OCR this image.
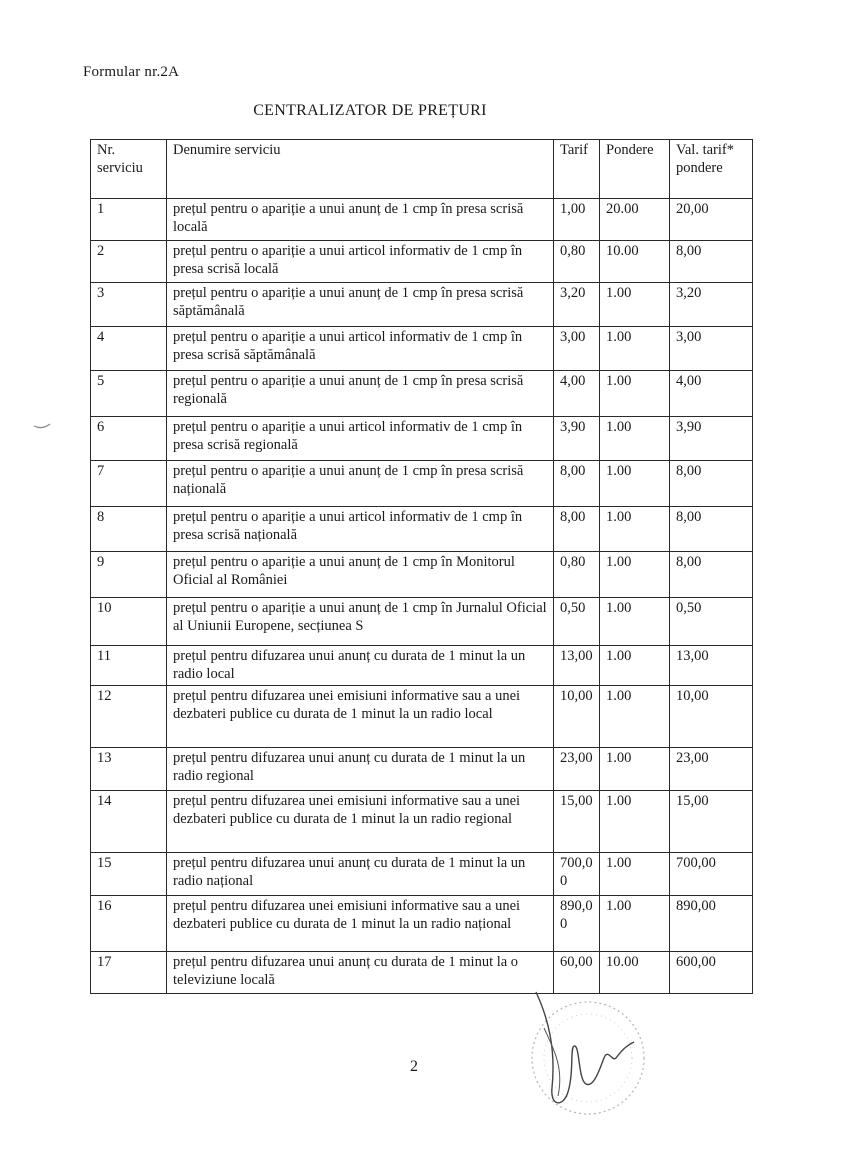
Formular nr.2A
CENTRALIZATOR DE PREȚURI
Nr. serviciu	Denumire serviciu	Tarif	Pondere	Val. tarif* pondere
1	prețul pentru o apariție a unui anunț de 1 cmp în presa scrisă locală	1,00	20.00	20,00
2	prețul pentru o apariție a unui articol informativ de 1 cmp în presa scrisă locală	0,80	10.00	8,00
3	prețul pentru o apariție a unui anunț de 1 cmp în presa scrisă săptămânală	3,20	1.00	3,20
4	prețul pentru o apariție a unui articol informativ de 1 cmp în presa scrisă săptămânală	3,00	1.00	3,00
5	prețul pentru o apariție a unui anunț de 1 cmp în presa scrisă regională	4,00	1.00	4,00
6	prețul pentru o apariție a unui articol informativ de 1 cmp în presa scrisă regională	3,90	1.00	3,90
7	prețul pentru o apariție a unui anunț de 1 cmp în presa scrisă națională	8,00	1.00	8,00
8	prețul pentru o apariție a unui articol informativ de 1 cmp în presa scrisă națională	8,00	1.00	8,00
9	prețul pentru o apariție a unui anunț de 1 cmp în Monitorul Oficial al României	0,80	1.00	8,00
10	prețul pentru o apariție a unui anunț de 1 cmp în Jurnalul Oficial al Uniunii Europene, secțiunea S	0,50	1.00	0,50
11	prețul pentru difuzarea unui anunț cu durata de 1 minut la un radio local	13,00	1.00	13,00
12	prețul pentru difuzarea unei emisiuni informative sau a unei dezbateri publice cu durata de 1 minut la un radio local	10,00	1.00	10,00
13	prețul pentru difuzarea unui anunț cu durata de 1 minut la un radio regional	23,00	1.00	23,00
14	prețul pentru difuzarea unei emisiuni informative sau a unei dezbateri publice cu durata de 1 minut la un radio regional	15,00	1.00	15,00
15	prețul pentru difuzarea unui anunț cu durata de 1 minut la un radio național	700,00	1.00	700,00
16	prețul pentru difuzarea unei emisiuni informative sau a unei dezbateri publice cu durata de 1 minut la un radio național	890,00	1.00	890,00
17	prețul pentru difuzarea unui anunț cu durata de 1 minut la o televiziune locală	60,00	10.00	600,00
2
